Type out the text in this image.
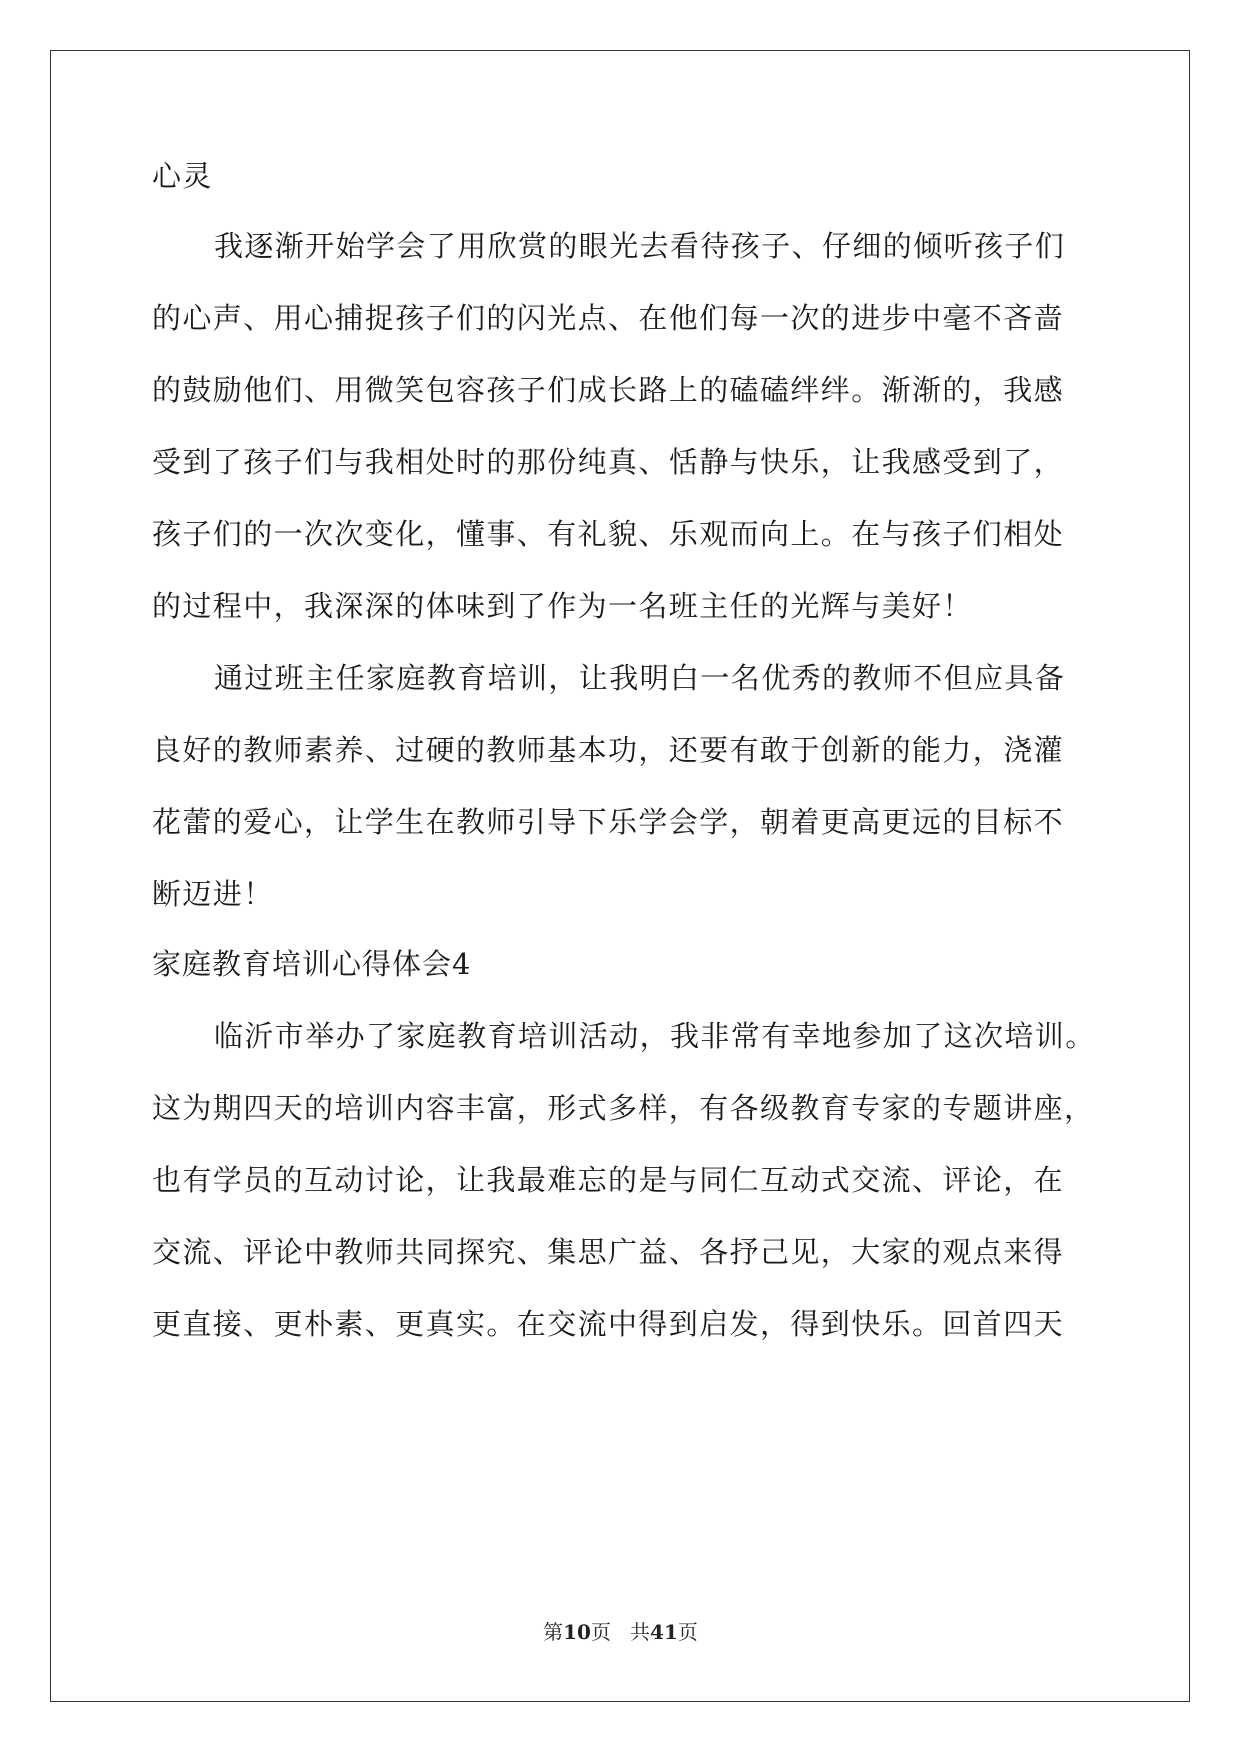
心灵
我逐渐开始学会了用欣赏的眼光去看待孩子、仔细的倾听孩子们
的心声、用心捕捉孩子们的闪光点、在他们每一次的进步中毫不吝啬
的鼓励他们、用微笑包容孩子们成长路上的磕磕绊绊。渐渐的，我感
受到了孩子们与我相处时的那份纯真、恬静与快乐，让我感受到了，
孩子们的一次次变化，懂事、有礼貌、乐观而向上。在与孩子们相处
的过程中，我深深的体味到了作为一名班主任的光辉与美好！
通过班主任家庭教育培训，让我明白一名优秀的教师不但应具备
良好的教师素养、过硬的教师基本功，还要有敢于创新的能力，浇灌
花蕾的爱心，让学生在教师引导下乐学会学，朝着更高更远的目标不
断迈进！
家庭教育培训心得体会4
临沂市举办了家庭教育培训活动，我非常有幸地参加了这次培训。
这为期四天的培训内容丰富，形式多样，有各级教育专家的专题讲座，
也有学员的互动讨论，让我最难忘的是与同仁互动式交流、评论，在
交流、评论中教师共同探究、集思广益、各抒己见，大家的观点来得
更直接、更朴素、更真实。在交流中得到启发，得到快乐。回首四天
第10页 共41页
